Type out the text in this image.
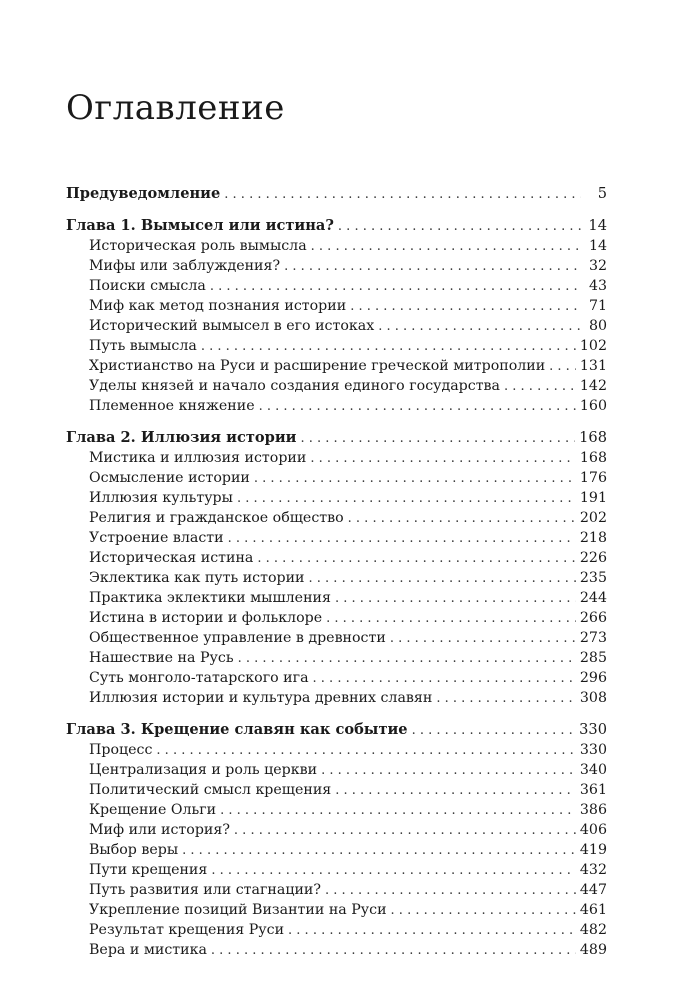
Оглавление
Предуведомление . . .	5
Глава 1. Вымысел или истина? . . .	14
Историческая роль вымысла . . .	14
Мифы или заблуждения? . . .	32
Поиски смысла . . .	43
Миф как метод познания истории . . .	71
Исторический вымысел в его истоках . . .	80
Путь вымысла . . .	102
Христианство на Руси и расширение греческой митрополии . . . 131
Уделы князей и начало создания единого государства . . .	142
Племенное княжение . . .	160
Глава 2. Иллюзия истории . . .	168
Мистика и иллюзия истории . . .	168
Осмысление истории . . .	176
Иллюзия культуры . . .	191
Религия и гражданское общество . . .	202
Устроение власти . . .	218
Историческая истина . . .	226
Эклектика как путь истории . . .	235
Практика эклектики мышления . . .	244
Истина в истории и фольклоре . . .	266
Общественное управление в древности . . .	273
Нашествие на Русь . . .	285
Суть монголо-татарского ига . . .	296
Иллюзия истории и культура древних славян . . .	308
Глава 3. Крещение славян как событие . . .	330
Процесс . . .	330
Централизация и роль церкви . . .	340
Политический смысл крещения . . .	361
Крещение Ольги . . .	386
Миф или история? . . .	406
Выбор веры . . .	419
Пути крещения . . .	432
Путь развития или стагнации? . . .	447
Укрепление позиций Византии на Руси . . .	461
Результат крещения Руси . . .	482
Вера и мистика . . .	489
